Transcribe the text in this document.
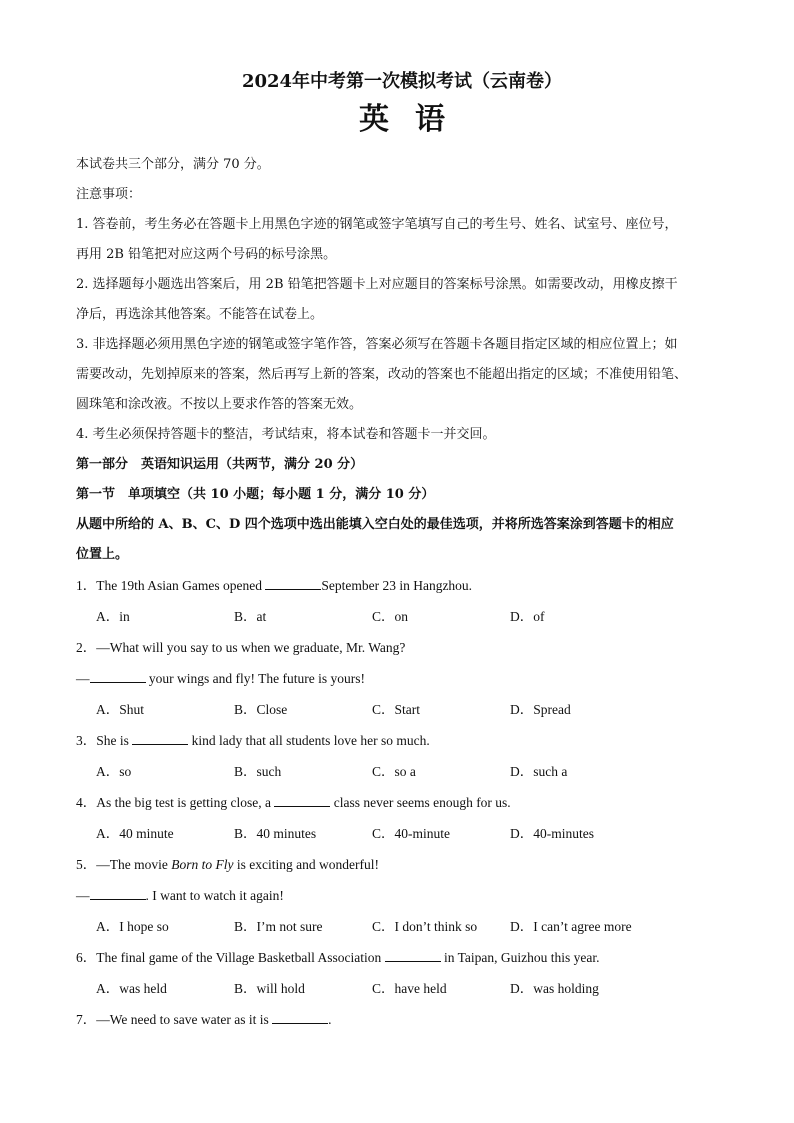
2024年中考第一次模拟考试（云南卷）
英语

本试卷共三个部分，满分 70 分。

注意事项：

1. 答卷前，考生务必在答题卡上用黑色字迹的钢笔或签字笔填写自己的考生号、姓名、试室号、座位号，

再用 2B 铅笔把对应这两个号码的标号涂黑。

2. 选择题每小题选出答案后，用 2B 铅笔把答题卡上对应题目的答案标号涂黑。如需要改动，用橡皮擦干

净后，再选涂其他答案。不能答在试卷上。

3. 非选择题必须用黑色字迹的钢笔或签字笔作答，答案必须写在答题卡各题目指定区域的相应位置上；如

需要改动，先划掉原来的答案，然后再写上新的答案，改动的答案也不能超出指定的区域；不准使用铅笔、

圆珠笔和涂改液。不按以上要求作答的答案无效。

4. 考生必须保持答题卡的整洁，考试结束，将本试卷和答题卡一并交回。

第一部分　英语知识运用（共两节，满分 20 分）

第一节　单项填空（共 10 小题；每小题 1 分，满分 10 分）

从题中所给的 A、B、C、D 四个选项中选出能填入空白处的最佳选项，并将所选答案涂到答题卡的相应

位置上。

1．The 19th Asian Games opened	September 23 in Hangzhou.

A．in	B．at	C．on	D．of

2．—What will you say to us when we graduate, Mr. Wang?

—	your wings and fly! The future is yours!

A．Shut	B．Close	C．Start	D．Spread

3．She is	kind lady that all students love her so much.

A．so	B．such	C．so a	D．such a

4．As the big test is getting close, a	class never seems enough for us.

A．40 minute	B．40 minutes	C．40-minute	D．40-minutes

5．—The movie Born to Fly is exciting and wonderful!

—	. I want to watch it again!

A．I hope so	B．I’m not sure	C．I don’t think so	D．I can’t agree more

6．The final game of the Village Basketball Association	in Taipan, Guizhou this year.

A．was held	B．will hold	C．have held	D．was holding

7．—We need to save water as it is	.
